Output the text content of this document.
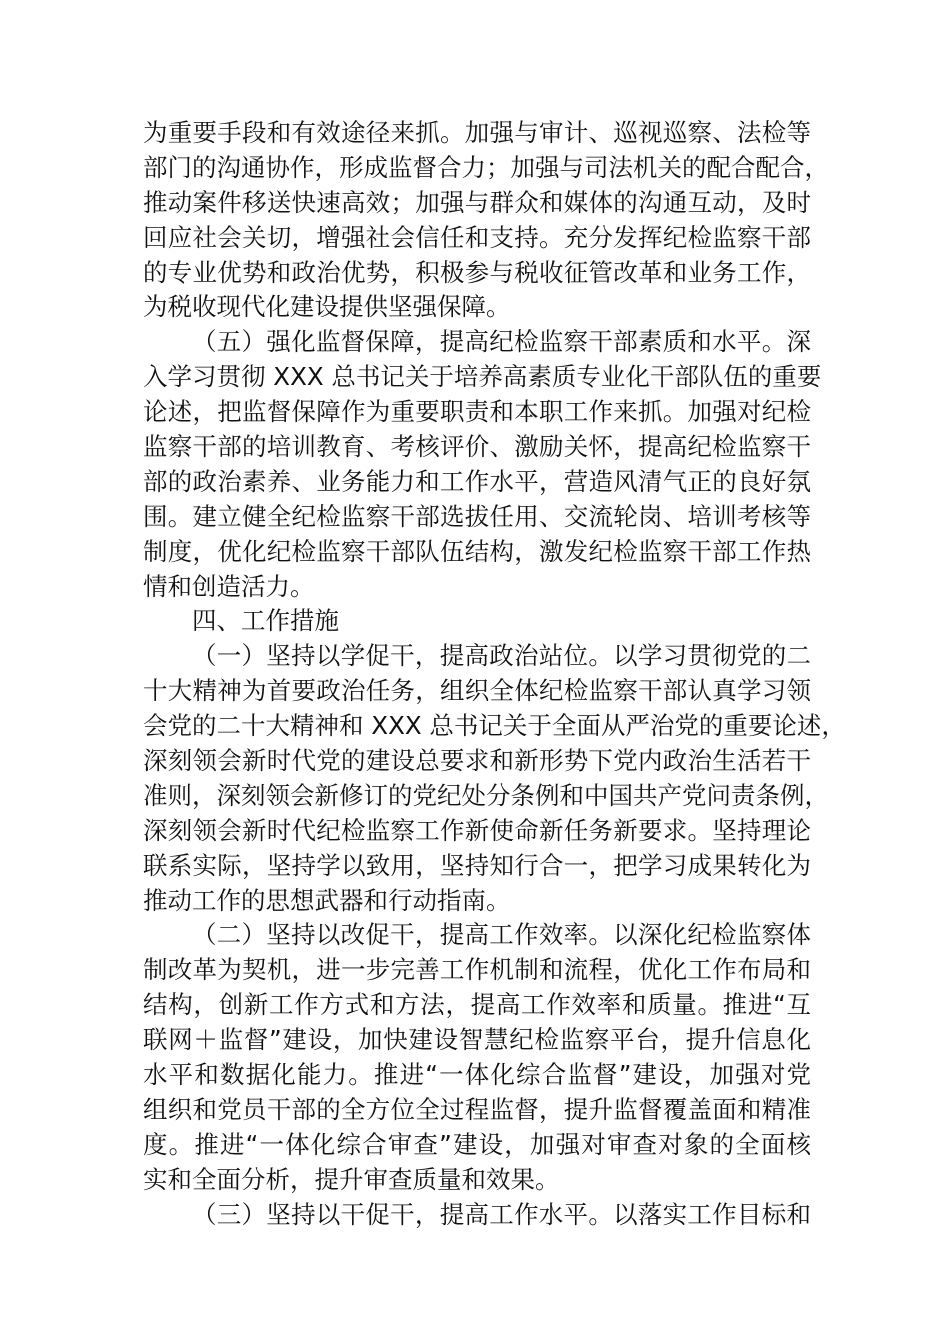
为重要手段和有效途径来抓。加强与审计、巡视巡察、法检等
部门的沟通协作，形成监督合力；加强与司法机关的配合配合，
推动案件移送快速高效；加强与群众和媒体的沟通互动，及时
回应社会关切，增强社会信任和支持。充分发挥纪检监察干部
的专业优势和政治优势，积极参与税收征管改革和业务工作，
为税收现代化建设提供坚强保障。
（五）强化监督保障，提高纪检监察干部素质和水平。深
入学习贯彻 XXX 总书记关于培养高素质专业化干部队伍的重要
论述，把监督保障作为重要职责和本职工作来抓。加强对纪检
监察干部的培训教育、考核评价、激励关怀，提高纪检监察干
部的政治素养、业务能力和工作水平，营造风清气正的良好氛
围。建立健全纪检监察干部选拔任用、交流轮岗、培训考核等
制度，优化纪检监察干部队伍结构，激发纪检监察干部工作热
情和创造活力。
四、工作措施
（一）坚持以学促干，提高政治站位。以学习贯彻党的二
十大精神为首要政治任务，组织全体纪检监察干部认真学习领
会党的二十大精神和 XXX 总书记关于全面从严治党的重要论述，
深刻领会新时代党的建设总要求和新形势下党内政治生活若干
准则，深刻领会新修订的党纪处分条例和中国共产党问责条例，
深刻领会新时代纪检监察工作新使命新任务新要求。坚持理论
联系实际，坚持学以致用，坚持知行合一，把学习成果转化为
推动工作的思想武器和行动指南。
（二）坚持以改促干，提高工作效率。以深化纪检监察体
制改革为契机，进一步完善工作机制和流程，优化工作布局和
结构，创新工作方式和方法，提高工作效率和质量。推进“互
联网＋监督”建设，加快建设智慧纪检监察平台，提升信息化
水平和数据化能力。推进“一体化综合监督”建设，加强对党
组织和党员干部的全方位全过程监督，提升监督覆盖面和精准
度。推进“一体化综合审查”建设，加强对审查对象的全面核
实和全面分析，提升审查质量和效果。
（三）坚持以干促干，提高工作水平。以落实工作目标和
